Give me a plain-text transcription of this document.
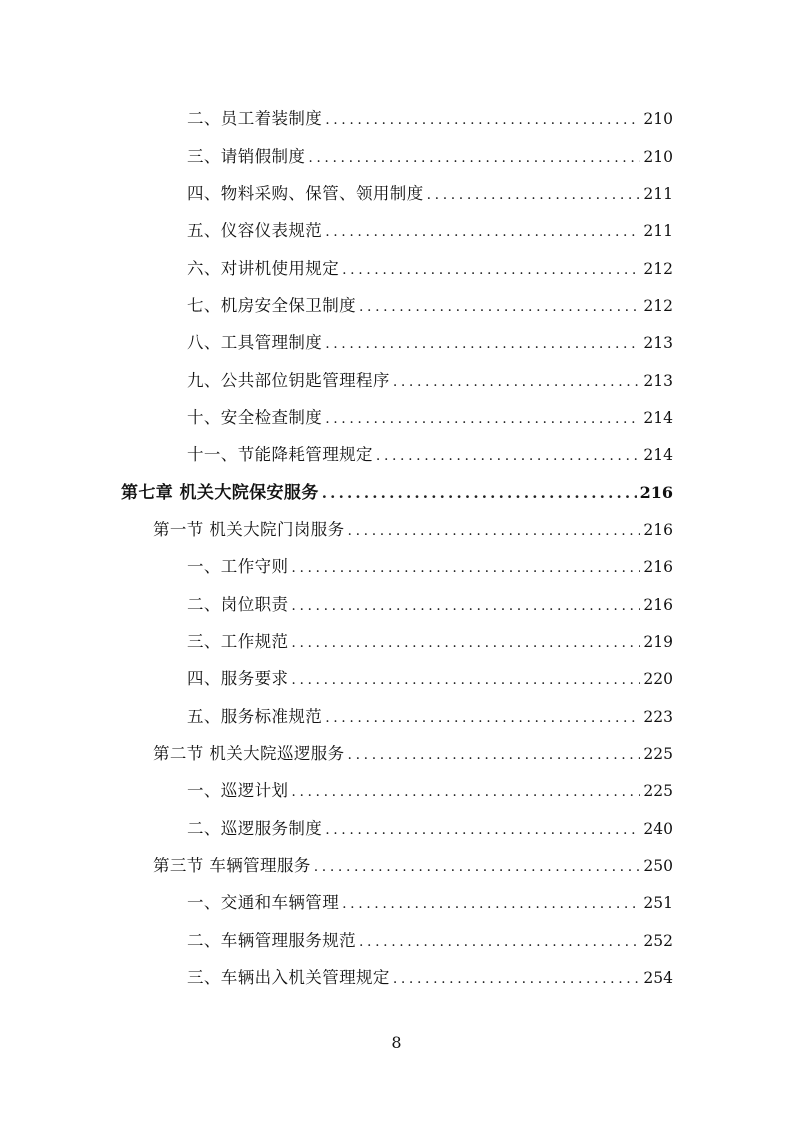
二、员工着装制度 .....	210
三、请销假制度 .....	210
四、物料采购、保管、领用制度 .....	211
五、仪容仪表规范 .....	211
六、对讲机使用规定 .....	212
七、机房安全保卫制度 .....	212
八、工具管理制度 .....	213
九、公共部位钥匙管理程序 .....	213
十、安全检查制度 .....	214
十一、节能降耗管理规定 .....	214
第七章 机关大院保安服务 .....	216
第一节 机关大院门岗服务 .....	216
一、工作守则 .....	216
二、岗位职责 .....	216
三、工作规范 .....	219
四、服务要求 .....	220
五、服务标准规范 .....	223
第二节 机关大院巡逻服务 .....	225
一、巡逻计划 .....	225
二、巡逻服务制度 .....	240
第三节 车辆管理服务 .....	250
一、交通和车辆管理 .....	251
二、车辆管理服务规范 .....	252
三、车辆出入机关管理规定 .....	254
8
